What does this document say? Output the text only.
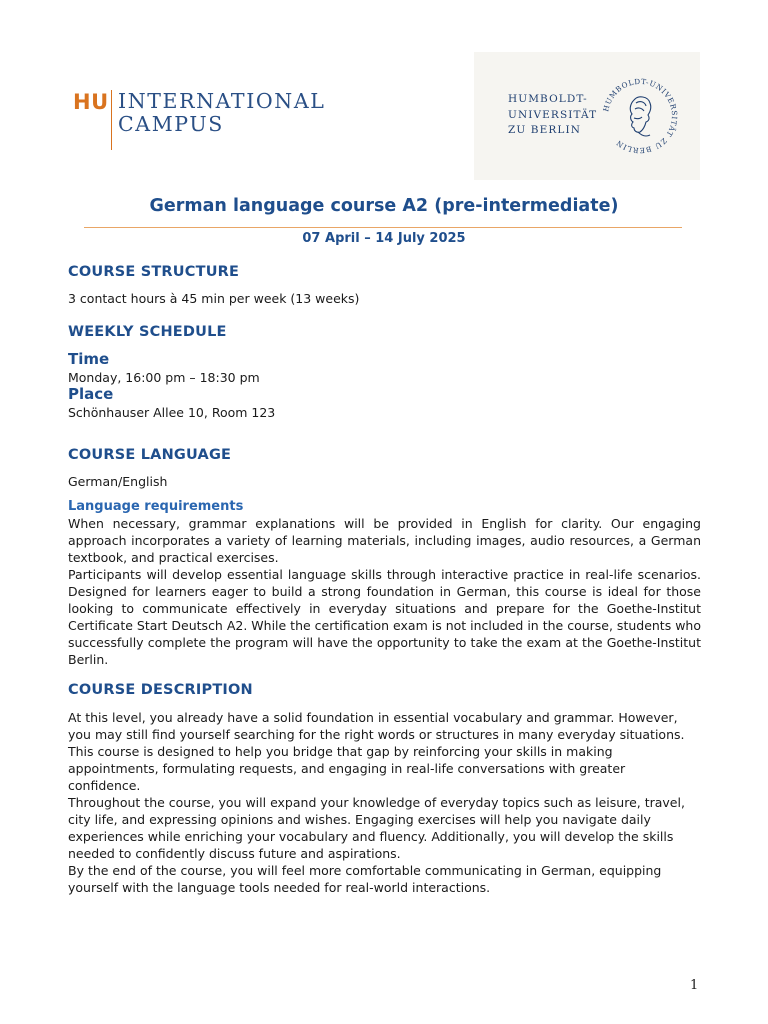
HU INTERNATIONAL
CAMPUS
HUMBOLDT-
UNIVERSITÄT
ZU BERLIN
HUMBOLDT-UNIVERSITÄT ZU BERLIN
German language course A2 (pre-intermediate)
07 April – 14 July 2025
COURSE STRUCTURE
3 contact hours à 45 min per week (13 weeks)
WEEKLY SCHEDULE
Time
Monday, 16:00 pm – 18:30 pm
Place
Schönhauser Allee 10, Room 123
COURSE LANGUAGE
German/English
Language requirements

When necessary, grammar explanations will be provided in English for clarity. Our engaging approach incorporates a variety of learning materials, including images, audio resources, a German textbook, and practical exercises.

Participants will develop essential language skills through interactive practice in real-life scenarios. Designed for learners eager to build a strong foundation in German, this course is ideal for those looking to communicate effectively in everyday situations and prepare for the Goethe-Institut Certificate Start Deutsch A2. While the certification exam is not included in the course, students who successfully complete the program will have the opportunity to take the exam at the Goethe-Institut Berlin.

COURSE DESCRIPTION

At this level, you already have a solid foundation in essential vocabulary and grammar. However, you may still find yourself searching for the right words or structures in many everyday situations. This course is designed to help you bridge that gap by reinforcing your skills in making appointments, formulating requests, and engaging in real-life conversations with greater confidence.

Throughout the course, you will expand your knowledge of everyday topics such as leisure, travel, city life, and expressing opinions and wishes. Engaging exercises will help you navigate daily experiences while enriching your vocabulary and fluency. Additionally, you will develop the skills needed to confidently discuss future and aspirations.

By the end of the course, you will feel more comfortable communicating in German, equipping yourself with the language tools needed for real-world interactions.

1
